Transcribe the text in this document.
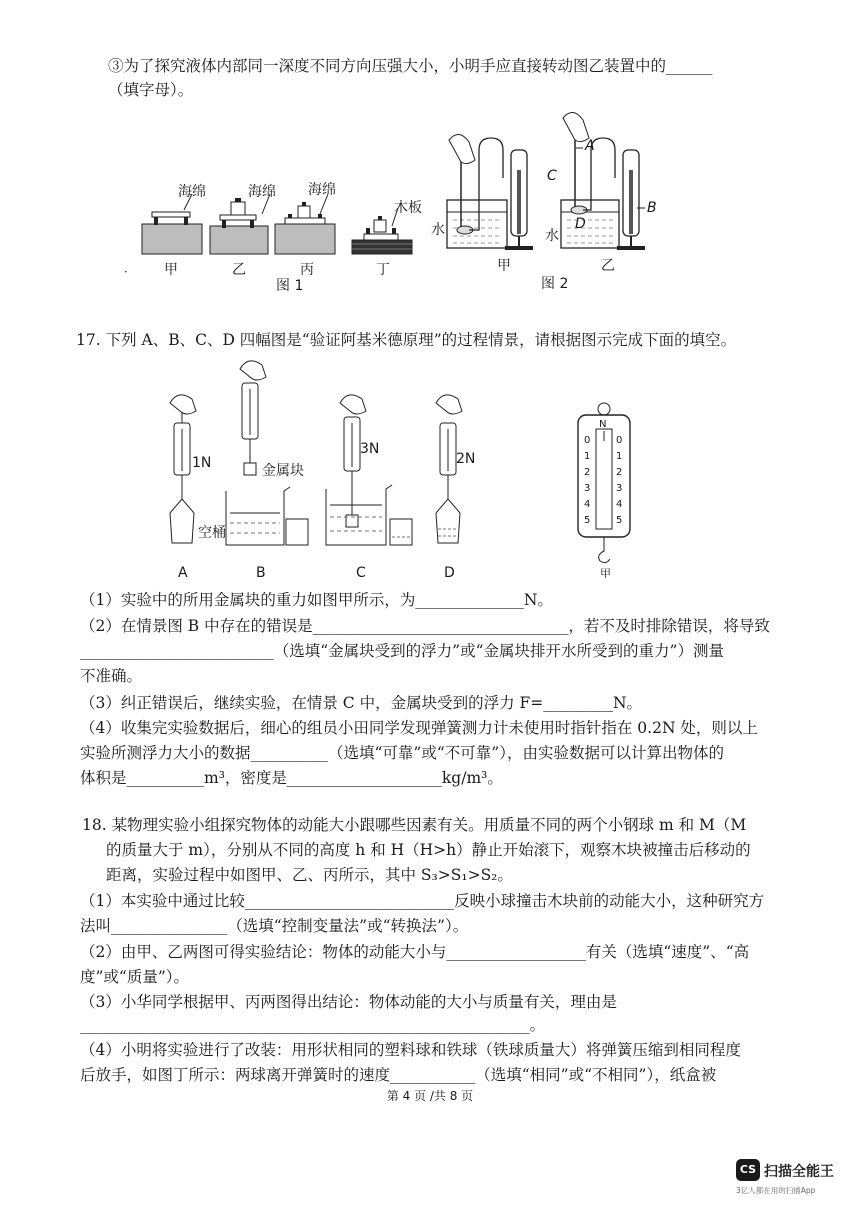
③为了探究液体内部同一深度不同方向压强大小，小明手应直接转动图乙装置中的______
（填字母）。
海绵	海绵 海绵
木板
甲	乙	丙	丁
图 1
·
水	水
A
B
C
D
甲	乙
图 2
17. 下列 A、B、C、D 四幅图是“验证阿基米德原理”的过程情景，请根据图示完成下面的填空。
1N
3N
2N
空桶
金属块
A	B	C	D
N
0
1
2
3
4
5
0
1
2
3
4
5
甲
（1）实验中的所用金属块的重力如图甲所示，为______________N。
（2）在情景图 B 中存在的错误是_________________________________，若不及时排除错误，将导致
_________________________（选填“金属块受到的浮力”或“金属块排开水所受到的重力”）测量
不准确。
（3）纠正错误后，继续实验，在情景 C 中，金属块受到的浮力 F=_________N。
（4）收集完实验数据后，细心的组员小田同学发现弹簧测力计未使用时指针指在 0.2N 处，则以上
实验所测浮力大小的数据__________（选填“可靠”或“不可靠”），由实验数据可以计算出物体的
体积是__________m³，密度是____________________kg/m³。
18. 某物理实验小组探究物体的动能大小跟哪些因素有关。用质量不同的两个小钢球 m 和 M（M
的质量大于 m），分别从不同的高度 h 和 H（H>h）静止开始滚下，观察木块被撞击后移动的
距离，实验过程中如图甲、乙、丙所示，其中 S₃>S₁>S₂。
（1）本实验中通过比较___________________________反映小球撞击木块前的动能大小，这种研究方
法叫_______________（选填“控制变量法”或“转换法”）。
（2）由甲、乙两图可得实验结论：物体的动能大小与__________________有关（选填“速度”、“高
度”或“质量”）。
（3）小华同学根据甲、丙两图得出结论：物体动能的大小与质量有关，理由是
__________________________________________________________。
（4）小明将实验进行了改装：用形状相同的塑料球和铁球（铁球质量大）将弹簧压缩到相同程度
后放手，如图丁所示：两球离开弹簧时的速度___________（选填“相同”或“不相同”），纸盒被
第 4 页 /共 8 页
CS 扫描全能王
3亿人都在用的扫描App
